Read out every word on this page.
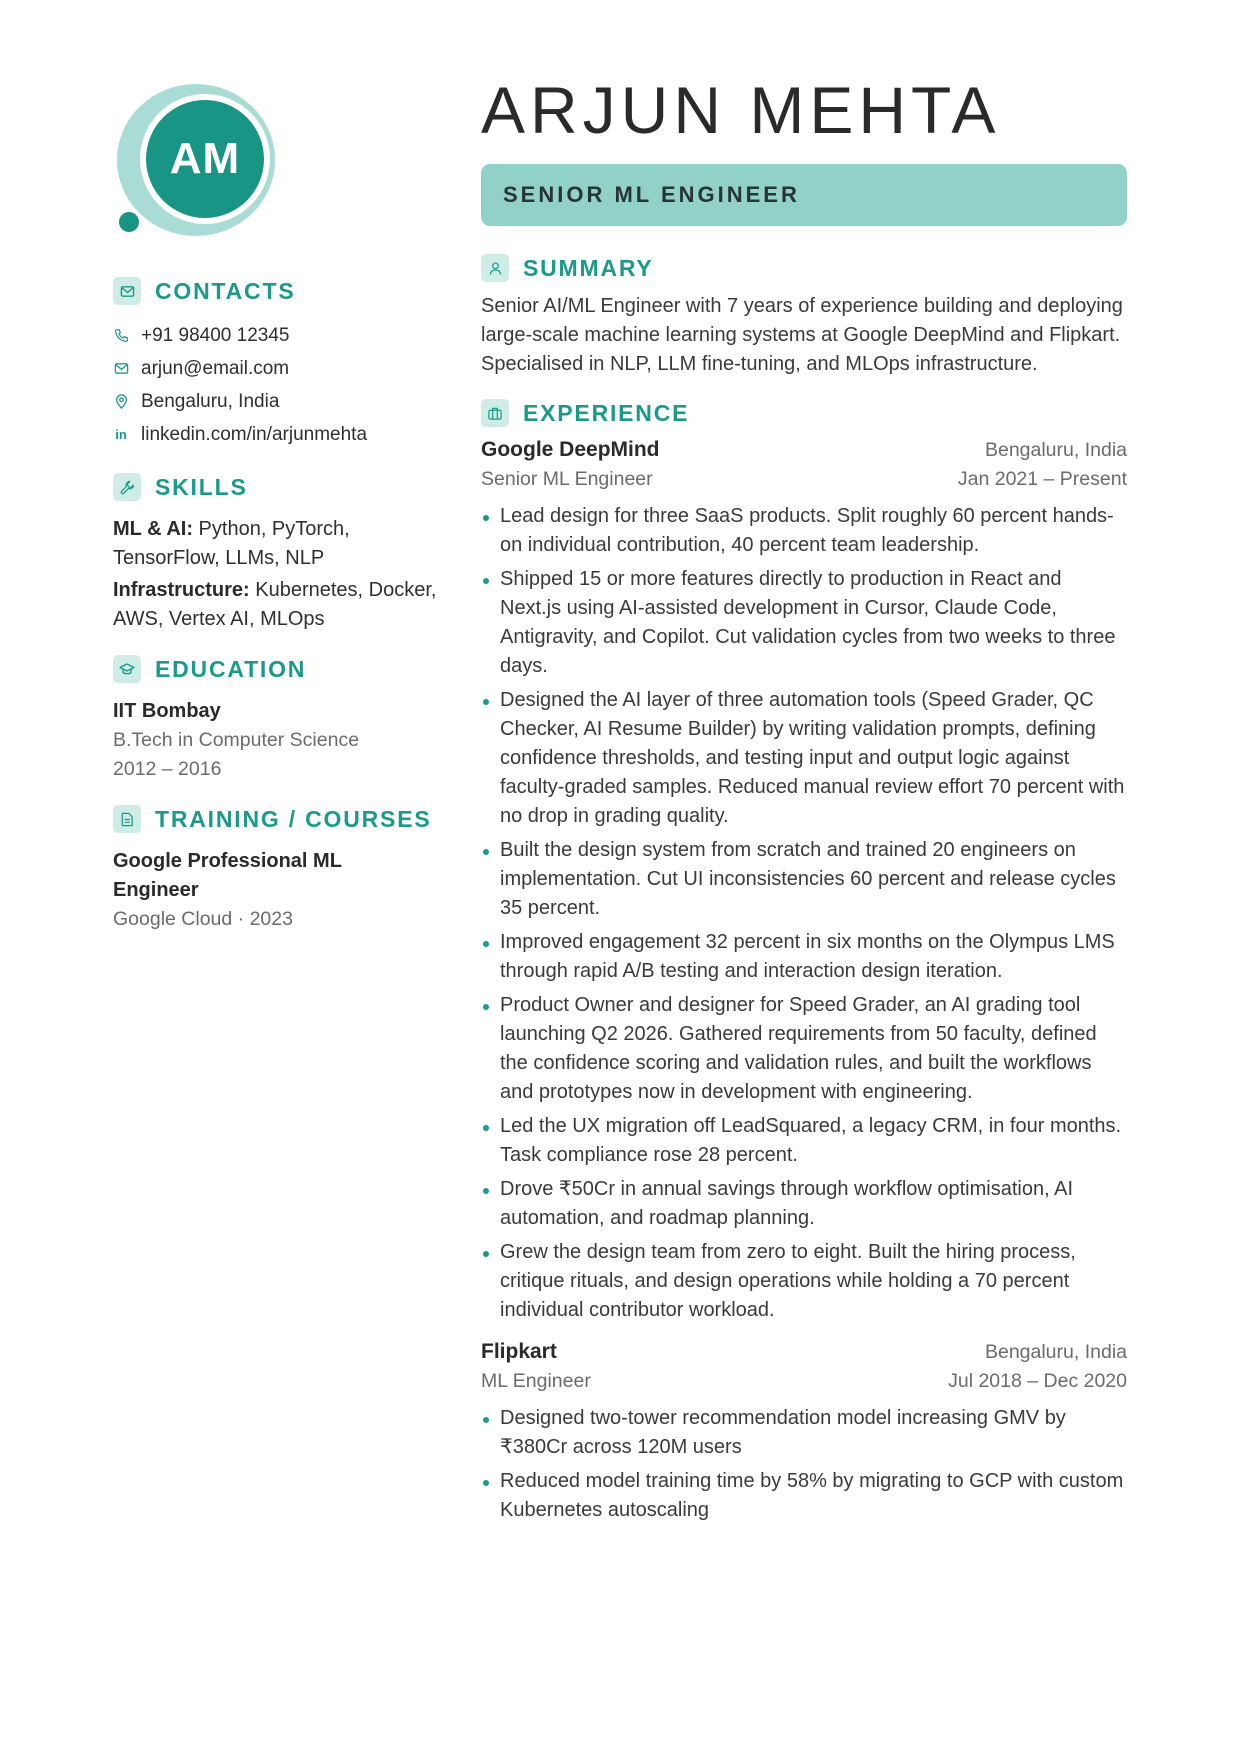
AM
CONTACTS
+91 98400 12345
arjun@email.com
Bengaluru, India
in linkedin.com/in/arjunmehta
SKILLS
ML & AI: Python, PyTorch, TensorFlow, LLMs, NLP
Infrastructure: Kubernetes, Docker, AWS, Vertex AI, MLOps
EDUCATION
IIT Bombay
B.Tech in Computer Science
2012 – 2016
TRAINING / COURSES
Google Professional ML Engineer
Google Cloud · 2023
ARJUN MEHTA
SENIOR ML ENGINEER
SUMMARY

Senior AI/ML Engineer with 7 years of experience building and deploying large-scale machine learning systems at Google DeepMind and Flipkart. Specialised in NLP, LLM fine-tuning, and MLOps infrastructure.

EXPERIENCE
Google DeepMind	Bengaluru, India
Senior ML Engineer	Jan 2021 – Present
Lead design for three SaaS products. Split roughly 60 percent hands-on individual contribution, 40 percent team leadership.
Shipped 15 or more features directly to production in React and Next.js using AI-assisted development in Cursor, Claude Code, Antigravity, and Copilot. Cut validation cycles from two weeks to three days.
Designed the AI layer of three automation tools (Speed Grader, QC Checker, AI Resume Builder) by writing validation prompts, defining confidence thresholds, and testing input and output logic against faculty-graded samples. Reduced manual review effort 70 percent with no drop in grading quality.
Built the design system from scratch and trained 20 engineers on implementation. Cut UI inconsistencies 60 percent and release cycles 35 percent.
Improved engagement 32 percent in six months on the Olympus LMS through rapid A/B testing and interaction design iteration.
Product Owner and designer for Speed Grader, an AI grading tool launching Q2 2026. Gathered requirements from 50 faculty, defined the confidence scoring and validation rules, and built the workflows and prototypes now in development with engineering.
Led the UX migration off LeadSquared, a legacy CRM, in four months. Task compliance rose 28 percent.
Drove ₹50Cr in annual savings through workflow optimisation, AI automation, and roadmap planning.
Grew the design team from zero to eight. Built the hiring process, critique rituals, and design operations while holding a 70 percent individual contributor workload.
Flipkart	Bengaluru, India
ML Engineer	Jul 2018 – Dec 2020
Designed two-tower recommendation model increasing GMV by ₹380Cr across 120M users
Reduced model training time by 58% by migrating to GCP with custom Kubernetes autoscaling
